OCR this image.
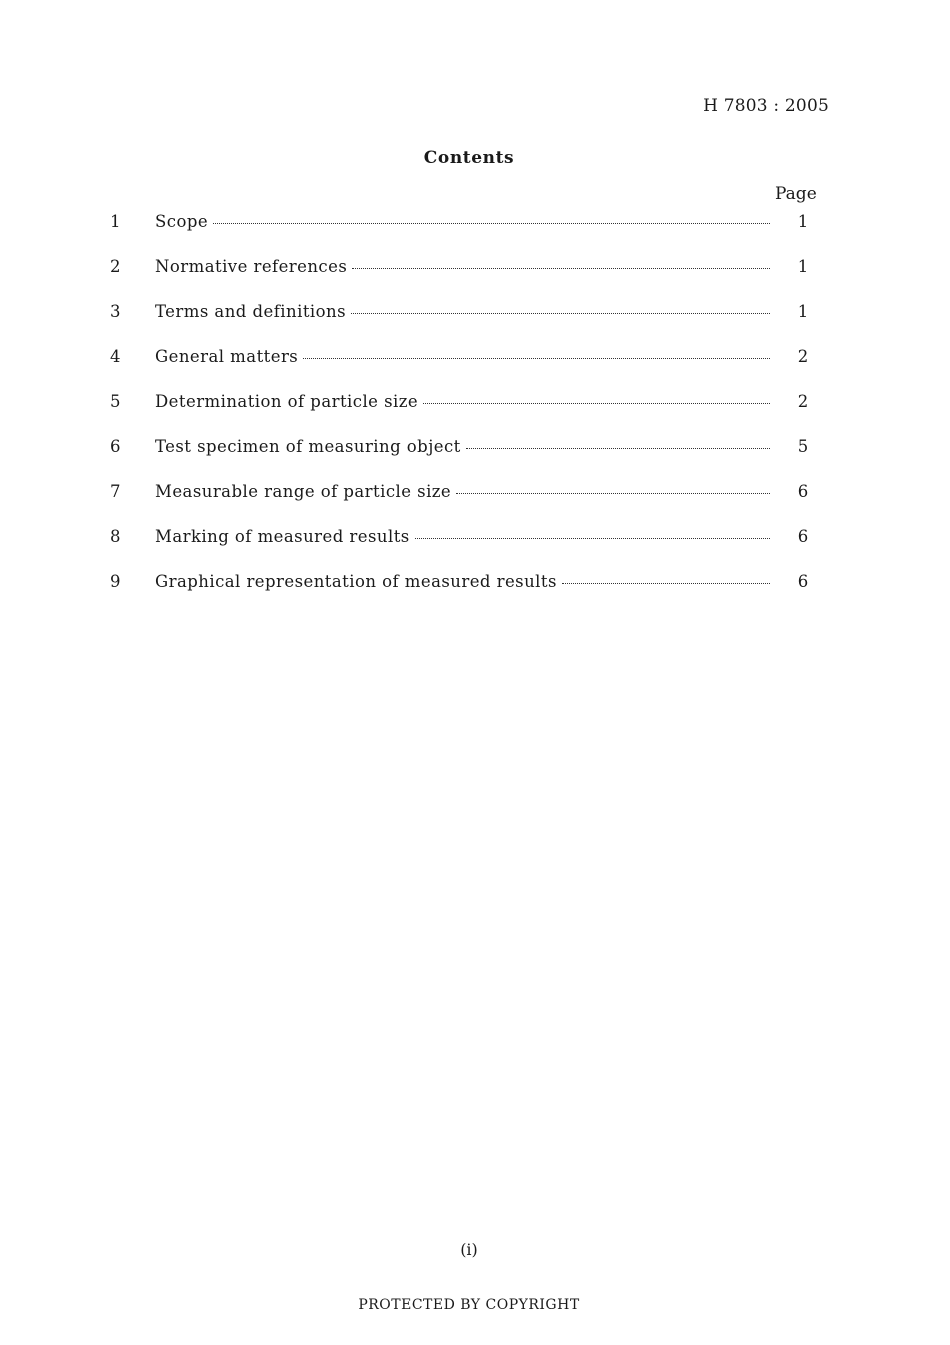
H 7803 : 2005
Contents
Page
1	Scope	1
2	Normative references	1
3	Terms and definitions	1
4	General matters	2
5	Determination of particle size	2
6	Test specimen of measuring object	5
7	Measurable range of particle size	6
8	Marking of measured results	6
9	Graphical representation of measured results	6
(i)
PROTECTED BY COPYRIGHT
